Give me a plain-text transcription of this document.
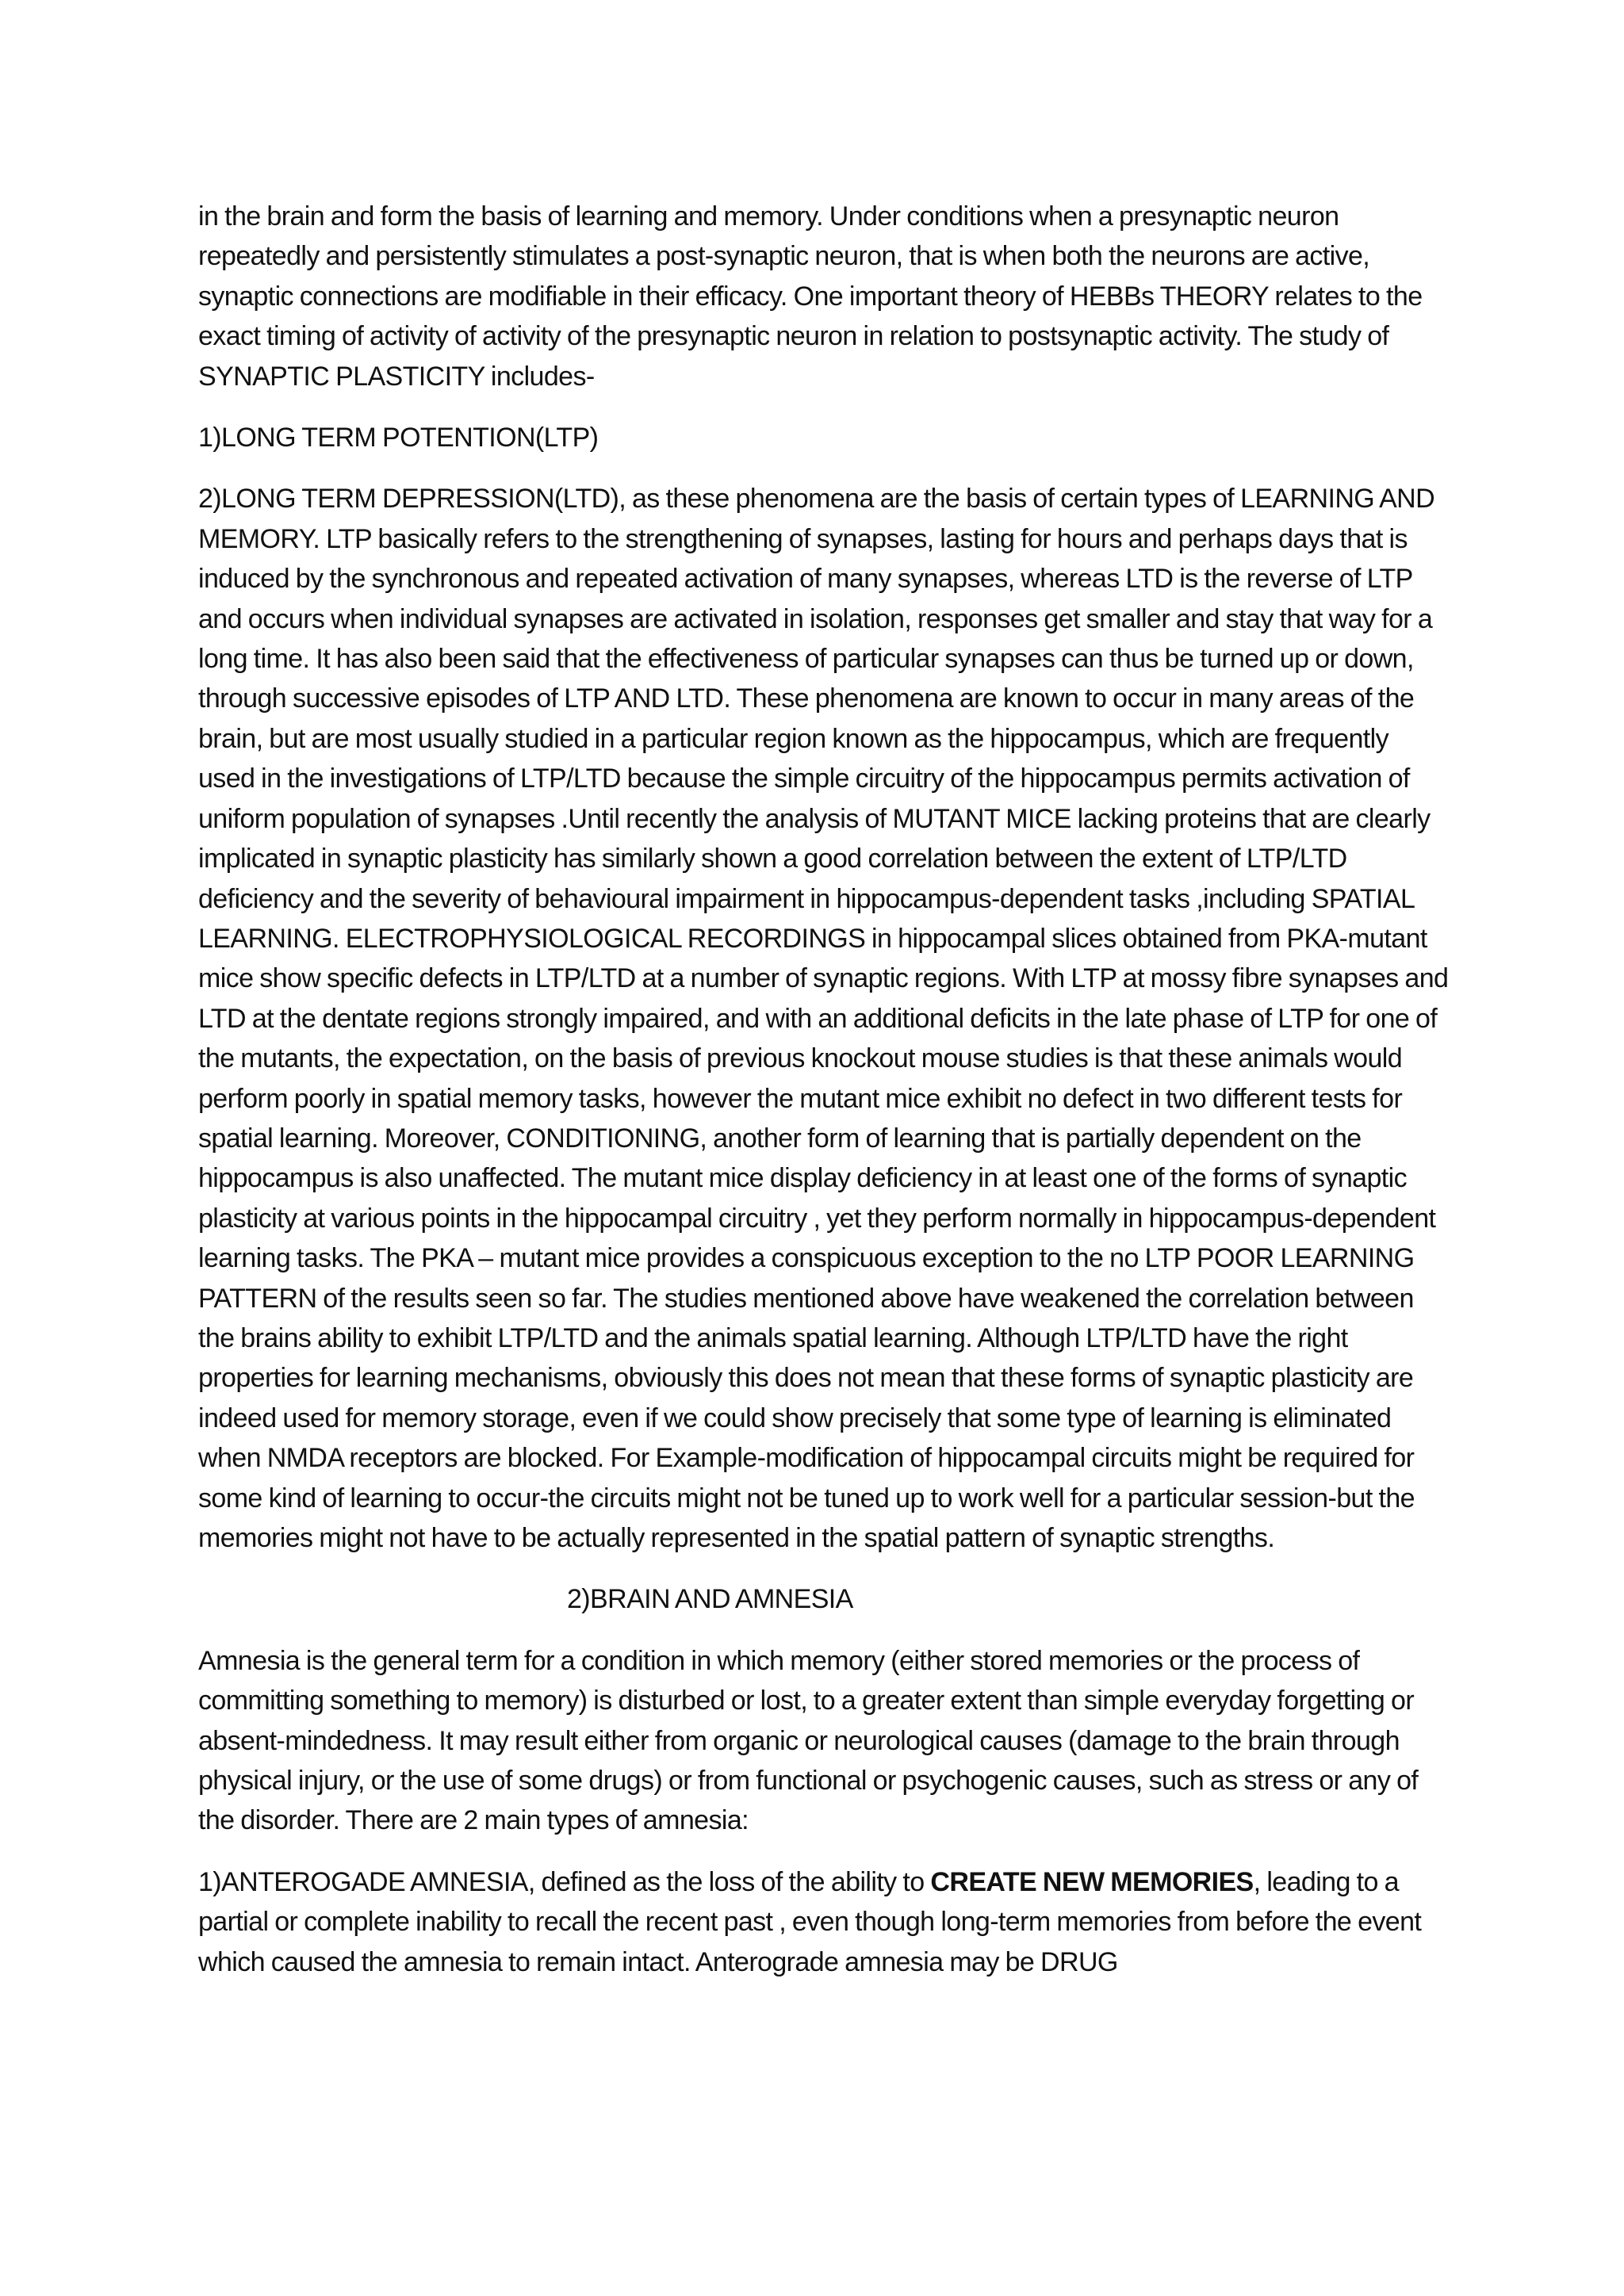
in the brain and form the basis of learning and memory. Under conditions when a presynaptic neuron repeatedly and persistently stimulates a post-synaptic neuron, that is when both the neurons are active, synaptic connections are modifiable in their efficacy. One important theory of HEBBs THEORY relates to the exact timing of activity of activity of the presynaptic neuron in relation to postsynaptic activity. The study of SYNAPTIC PLASTICITY includes-

1)LONG TERM POTENTION(LTP)

2)LONG TERM DEPRESSION(LTD), as these phenomena are the basis of certain types of LEARNING AND MEMORY. LTP basically refers to the strengthening of synapses, lasting for hours and perhaps days that is induced by the synchronous and repeated activation of many synapses, whereas LTD is the reverse of LTP and occurs when individual synapses are activated in isolation, responses get smaller and stay that way for a long time. It has also been said that the effectiveness of particular synapses can thus be turned up or down, through successive episodes of LTP AND LTD. These phenomena are known to occur in many areas of the brain, but are most usually studied in a particular region known as the hippocampus, which are frequently used in the investigations of LTP/LTD because the simple circuitry of the hippocampus permits activation of uniform population of synapses .Until recently the analysis of MUTANT MICE lacking proteins that are clearly implicated in synaptic plasticity has similarly shown a good correlation between the extent of LTP/LTD deficiency and the severity of behavioural impairment in hippocampus-dependent tasks ,including SPATIAL LEARNING. ELECTROPHYSIOLOGICAL RECORDINGS in hippocampal slices obtained from PKA-mutant mice show specific defects in LTP/LTD at a number of synaptic regions. With LTP at mossy fibre synapses and LTD at the dentate regions strongly impaired, and with an additional deficits in the late phase of LTP for one of the mutants, the expectation, on the basis of previous knockout mouse studies is that these animals would perform poorly in spatial memory tasks, however the mutant mice exhibit no defect in two different tests for spatial learning. Moreover, CONDITIONING, another form of learning that is partially dependent on the hippocampus is also unaffected. The mutant mice display deficiency in at least one of the forms of synaptic plasticity at various points in the hippocampal circuitry , yet they perform normally in hippocampus-dependent learning tasks. The PKA – mutant mice provides a conspicuous exception to the no LTP POOR LEARNING PATTERN of the results seen so far. The studies mentioned above have weakened the correlation between the brains ability to exhibit LTP/LTD and the animals spatial learning. Although LTP/LTD have the right properties for learning mechanisms, obviously this does not mean that these forms of synaptic plasticity are indeed used for memory storage, even if we could show precisely that some type of learning is eliminated when NMDA receptors are blocked. For Example-modification of hippocampal circuits might be required for some kind of learning to occur-the circuits might not be tuned up to work well for a particular session-but the memories might not have to be actually represented in the spatial pattern of synaptic strengths.

2)BRAIN AND AMNESIA

Amnesia is the general term for a condition in which memory (either stored memories or the process of committing something to memory) is disturbed or lost, to a greater extent than simple everyday forgetting or absent-mindedness. It may result either from organic or neurological causes (damage to the brain through physical injury, or the use of some drugs) or from functional or psychogenic causes, such as stress or any of the disorder. There are 2 main types of amnesia:

1)ANTEROGADE AMNESIA, defined as the loss of the ability to CREATE NEW MEMORIES, leading to a partial or complete inability to recall the recent past , even though long-term memories from before the event which caused the amnesia to remain intact. Anterograde amnesia may be DRUG
